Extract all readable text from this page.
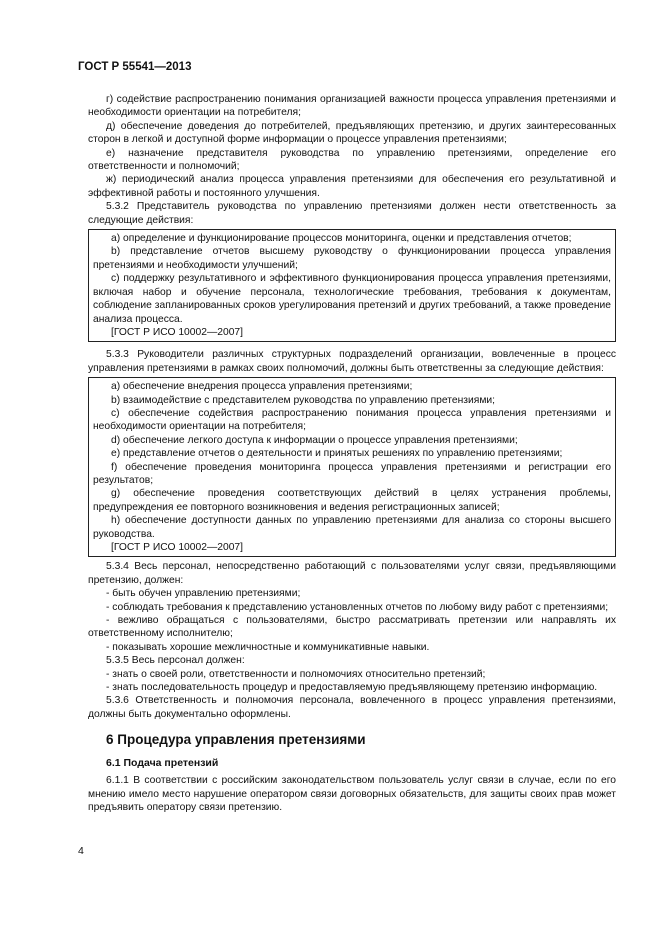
ГОСТ Р 55541—2013

г) содействие распространению понимания организацией важности процесса управления претензиями и необходимости ориентации на потребителя;

д) обеспечение доведения до потребителей, предъявляющих претензию, и других заинтересованных сторон в легкой и доступной форме информации о процессе управления претензиями;

е) назначение представителя руководства по управлению претензиями, определение его ответственности и полномочий;

ж) периодический анализ процесса управления претензиями для обеспечения его результативной и эффективной работы и постоянного улучшения.

5.3.2 Представитель руководства по управлению претензиями должен нести ответственность за следующие действия:

a) определение и функционирование процессов мониторинга, оценки и представления отчетов;

b) представление отчетов высшему руководству о функционировании процесса управления претензиями и необходимости улучшений;

c) поддержку результативного и эффективного функционирования процесса управления претензиями, включая набор и обучение персонала, технологические требования, требования к документам, соблюдение запланированных сроков урегулирования претензий и других требований, а также проведение анализа процесса.

[ГОСТ Р ИСО 10002—2007]

5.3.3 Руководители различных структурных подразделений организации, вовлеченные в процесс управления претензиями в рамках своих полномочий, должны быть ответственны за следующие действия:

a) обеспечение внедрения процесса управления претензиями;

b) взаимодействие с представителем руководства по управлению претензиями;

c) обеспечение содействия распространению понимания процесса управления претензиями и необходимости ориентации на потребителя;

d) обеспечение легкого доступа к информации о процессе управления претензиями;

e) представление отчетов о деятельности и принятых решениях по управлению претензиями;

f) обеспечение проведения мониторинга процесса управления претензиями и регистрации его результатов;

g) обеспечение проведения соответствующих действий в целях устранения проблемы, предупреждения ее повторного возникновения и ведения регистрационных записей;

h) обеспечение доступности данных по управлению претензиями для анализа со стороны высшего руководства.

[ГОСТ Р ИСО 10002—2007]

5.3.4 Весь персонал, непосредственно работающий с пользователями услуг связи, предъявляющими претензию, должен:

- быть обучен управлению претензиями;

- соблюдать требования к представлению установленных отчетов по любому виду работ с претензиями;

- вежливо обращаться с пользователями, быстро рассматривать претензии или направлять их ответственному исполнителю;

- показывать хорошие межличностные и коммуникативные навыки.

5.3.5 Весь персонал должен:

- знать о своей роли, ответственности и полномочиях относительно претензий;

- знать последовательность процедур и предоставляемую предъявляющему претензию информацию.

5.3.6 Ответственность и полномочия персонала, вовлеченного в процесс управления претензиями, должны быть документально оформлены.

6 Процедура управления претензиями
6.1 Подача претензий

6.1.1 В соответствии с российским законодательством пользователь услуг связи в случае, если по его мнению имело место нарушение оператором связи договорных обязательств, для защиты своих прав может предъявить оператору связи претензию.

4
